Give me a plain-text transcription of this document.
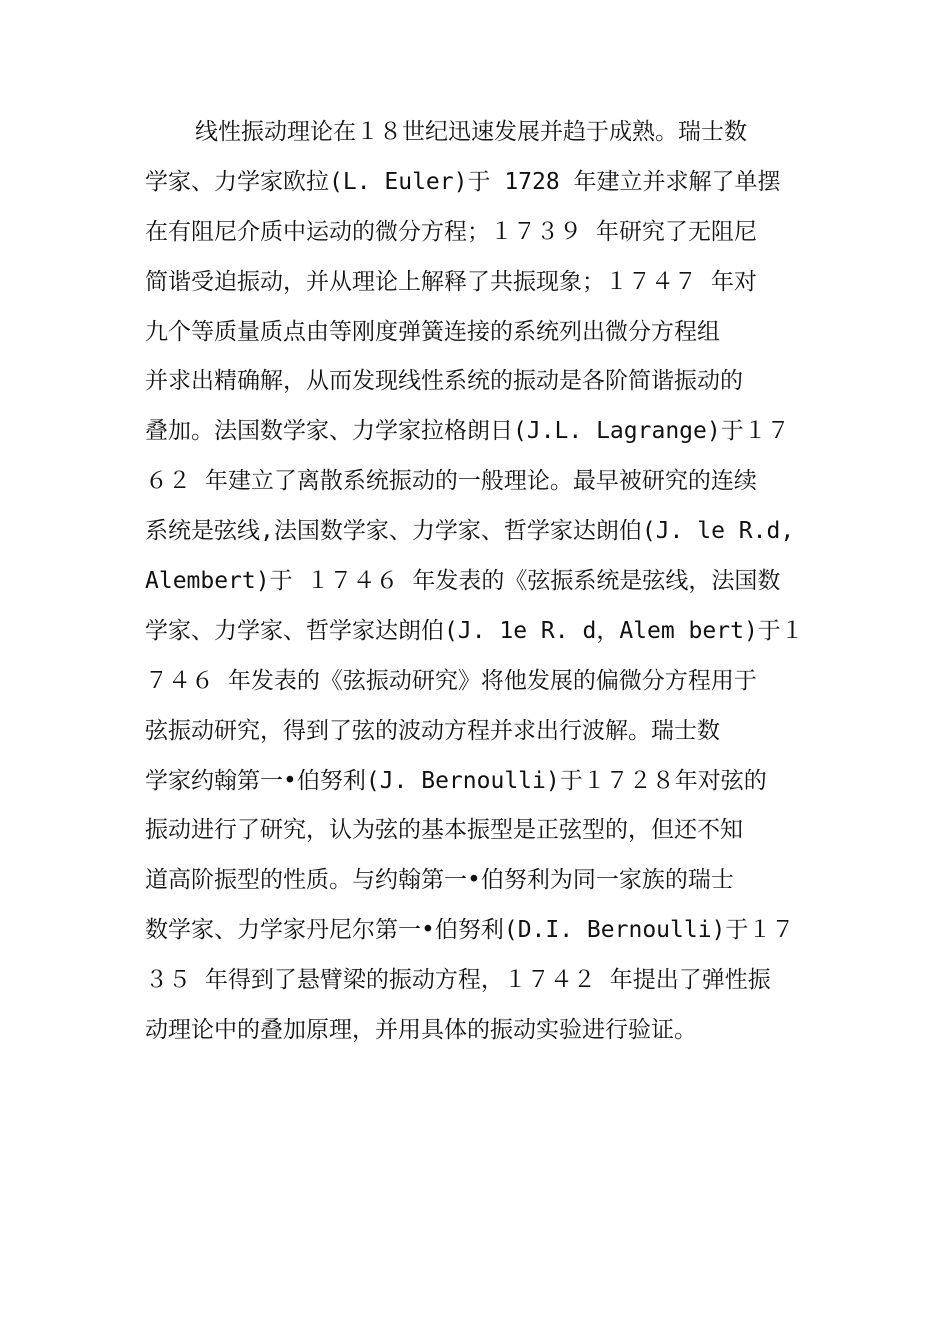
线性振动理论在１８世纪迅速发展并趋于成熟。瑞士数
学家、力学家欧拉(L. Euler)于 1728 年建立并求解了单摆
在有阻尼介质中运动的微分方程；１７３９ 年研究了无阻尼
简谐受迫振动，并从理论上解释了共振现象；１７４７ 年对
九个等质量质点由等刚度弹簧连接的系统列出微分方程组
并求出精确解，从而发现线性系统的振动是各阶简谐振动的
叠加。法国数学家、力学家拉格朗日(J.L. Lagrange)于１７
６２ 年建立了离散系统振动的一般理论。最早被研究的连续
系统是弦线,法国数学家、力学家、哲学家达朗伯(J. le R.d,
Alembert)于 １７４６ 年发表的《弦振系统是弦线，法国数
学家、力学家、哲学家达朗伯(J. 1e R. d，Alem bert)于１
７４６ 年发表的《弦振动研究》将他发展的偏微分方程用于
弦振动研究，得到了弦的波动方程并求出行波解。瑞士数
学家约翰第一•伯努利(J. Bernoulli)于１７２８年对弦的
振动进行了研究，认为弦的基本振型是正弦型的，但还不知
道高阶振型的性质。与约翰第一•伯努利为同一家族的瑞士
数学家、力学家丹尼尔第一•伯努利(D.I. Bernoulli)于１７
３５ 年得到了悬臂梁的振动方程，１７４２ 年提出了弹性振
动理论中的叠加原理，并用具体的振动实验进行验证。
